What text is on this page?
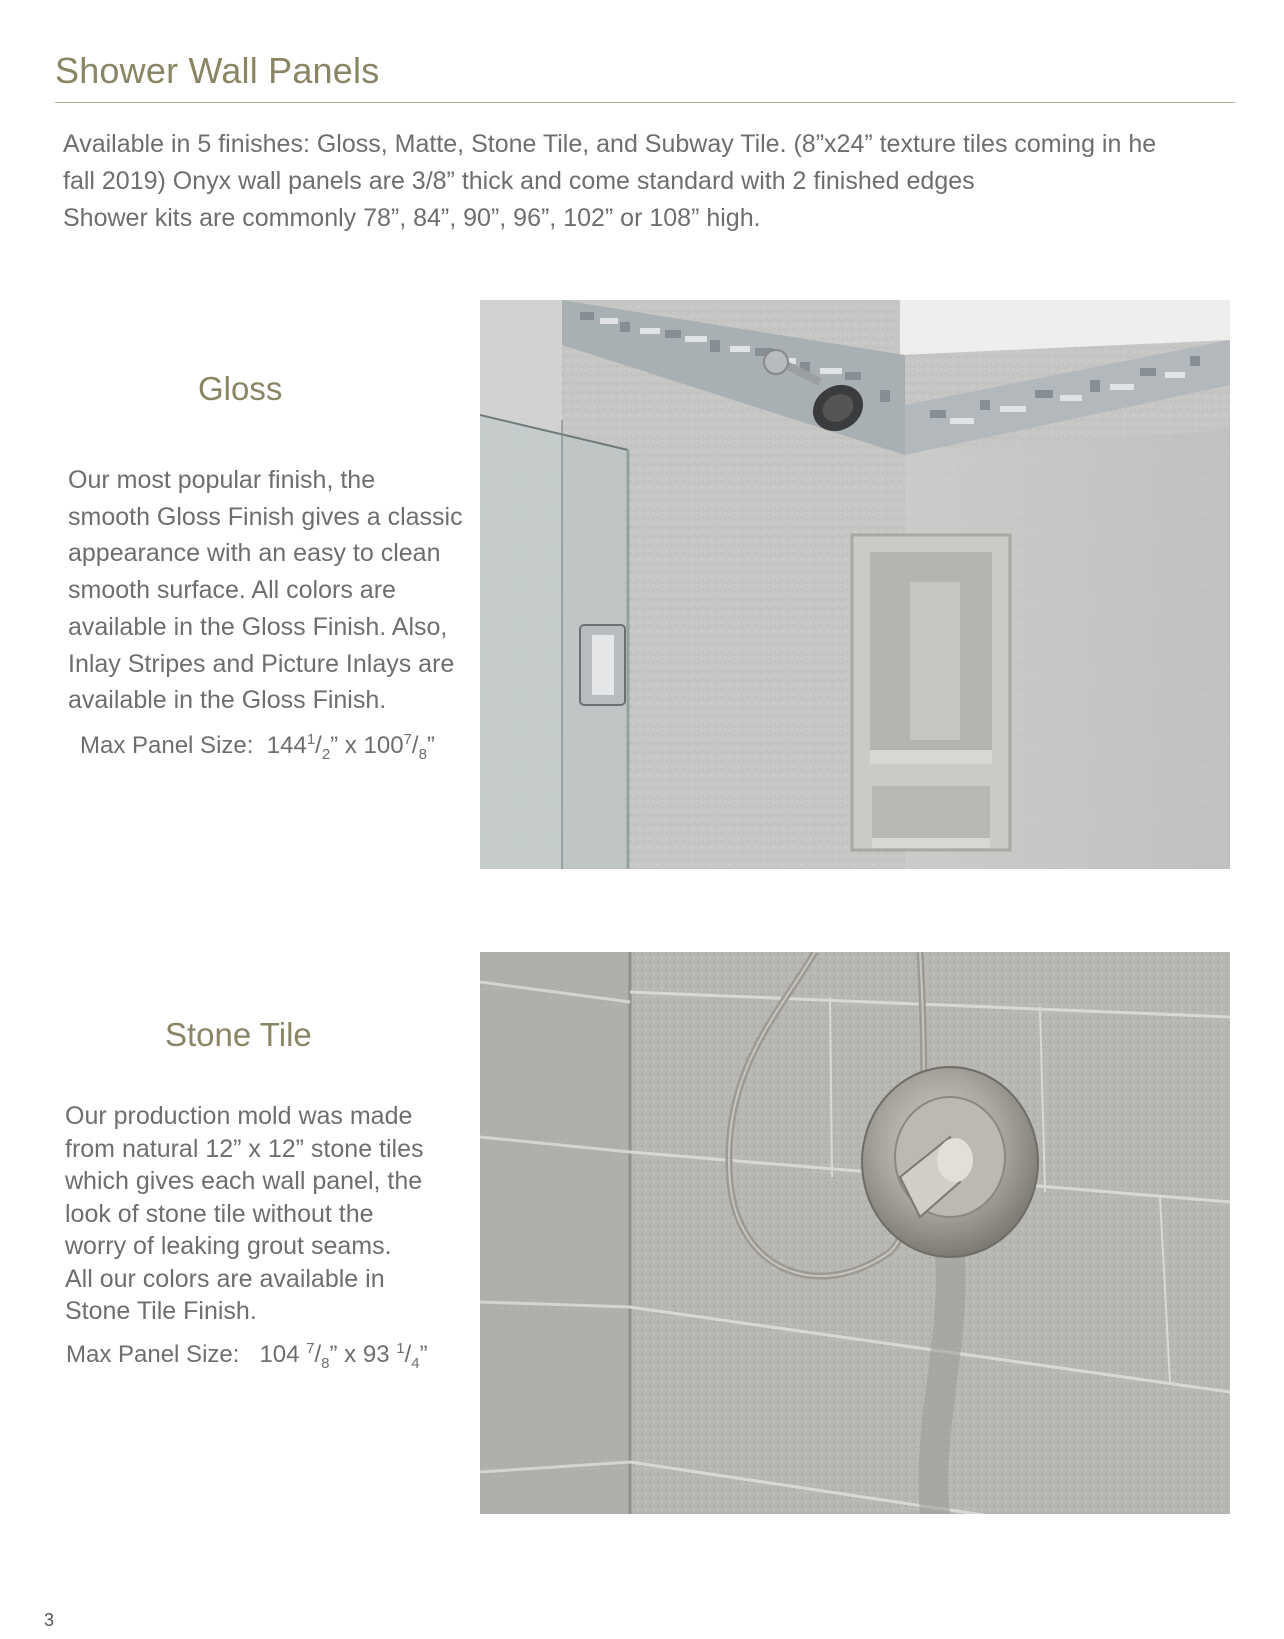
Shower Wall Panels

Available in 5 finishes: Gloss, Matte, Stone Tile, and Subway Tile. (8”x24” texture tiles coming in he
fall 2019) Onyx wall panels are 3/8” thick and come standard with 2 finished edges
Shower kits are commonly 78”, 84”, 90”, 96”, 102” or 108” high.

Gloss

Our most popular finish, the
smooth Gloss Finish gives a classic
appearance with an easy to clean
smooth surface. All colors are
available in the Gloss Finish. Also,
Inlay Stripes and Picture Inlays are
available in the Gloss Finish.

Max Panel Size: $144^1/_2$” x $100^7/_8$”
Stone Tile

Our production mold was made
from natural 12” x 12” stone tiles
which gives each wall panel, the
look of stone tile without the
worry of leaking grout seams.
All our colors are available in
Stone Tile Finish.

Max Panel Size: 104 $^7/_8$” x 93 $^1/_4$”
3
